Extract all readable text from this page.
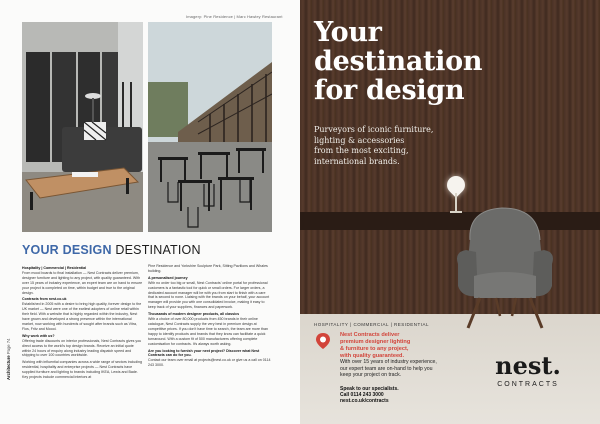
Imagery: Pine Residence | Marc Hawley Restaurant
YOUR DESIGN DESTINATION
Hospitality | Commercial | Residential

From mood boards to final installation — Nest Contracts deliver premium, designer furniture and lighting to any project, with quality guaranteed. With over 15 years of industry experience, an expert team are on hand to ensure your project is completed on time, within budget and true to the original design.

Contracts from nest.co.uk

Established in 2005 with a desire to bring high quality, forever design to the UK market — Nest were one of the earliest adopters of online retail within their field. With a website that is highly regarded within the industry, Nest have grown and developed a strong presence within the international market, now working with hundreds of sought after brands such as Vitra, Flos, Fritz and Moooi.

Why work with us?

Offering trade discounts on interior professionals, Nest Contracts gives you direct access to the world's top design brands. Receive an initial quote within 24 hours of enquiry along industry leading dispatch speed and shipping to over 100 countries worldwide.

Working with influential companies across a wide range of sectors including residential, hospitality and enterprise projects — Nest Contracts have supplied furniture and lighting to brands including IKEA, Lewis and Bade. Key projects include commercial interiors at

Pine Residence and Yorkshire Sculpture Park, Sitting Pavilions and Whales building.

A personalised journey

With no order too big or small, Nest Contracts' online portal for professional customers is a fantastic tool for quick or small orders. For larger orders, a dedicated account manager will be with you from start to finish with a care that is second to none. Liaising with the brands on your behalf, your account manager will provide you with one consolidated invoice, making it easy to keep track of your suppliers, finances and paperwork.

Thousands of modern designer products, all classics

With a choice of over 80,000 products from 450 brands in their online catalogue, Nest Contracts supply the very best in premium design at competitive prices. If you don't have time to search, the team are more than happy to identify products and brands that they know can facilitate a quick turnaround. With a custom fit of 500 manufacturers offering complete customisation for contracts. It's always worth asking.

Are you looking to furnish your next project? Discover what Nest Contracts can do for you.

Contact our team over email at projects@nest.co.uk or give us a call on 0114 243 3000.

Architecture Page 74
Your
destination
for design
Purveyors of iconic furniture,
lighting & accessories
from the most exciting,
international brands.
HOSPITALITY | COMMERCIAL | RESIDENTIAL
Nest Contracts deliver
premium designer lighting
& furniture to any project,
with quality guaranteed.
With over 15 years of industry experience,
our expert team are on-hand to help you
keep your project on track.
Speak to our specialists.
Call 0114 243 3000
nest.co.uk/contracts
nest.
CONTRACTS
